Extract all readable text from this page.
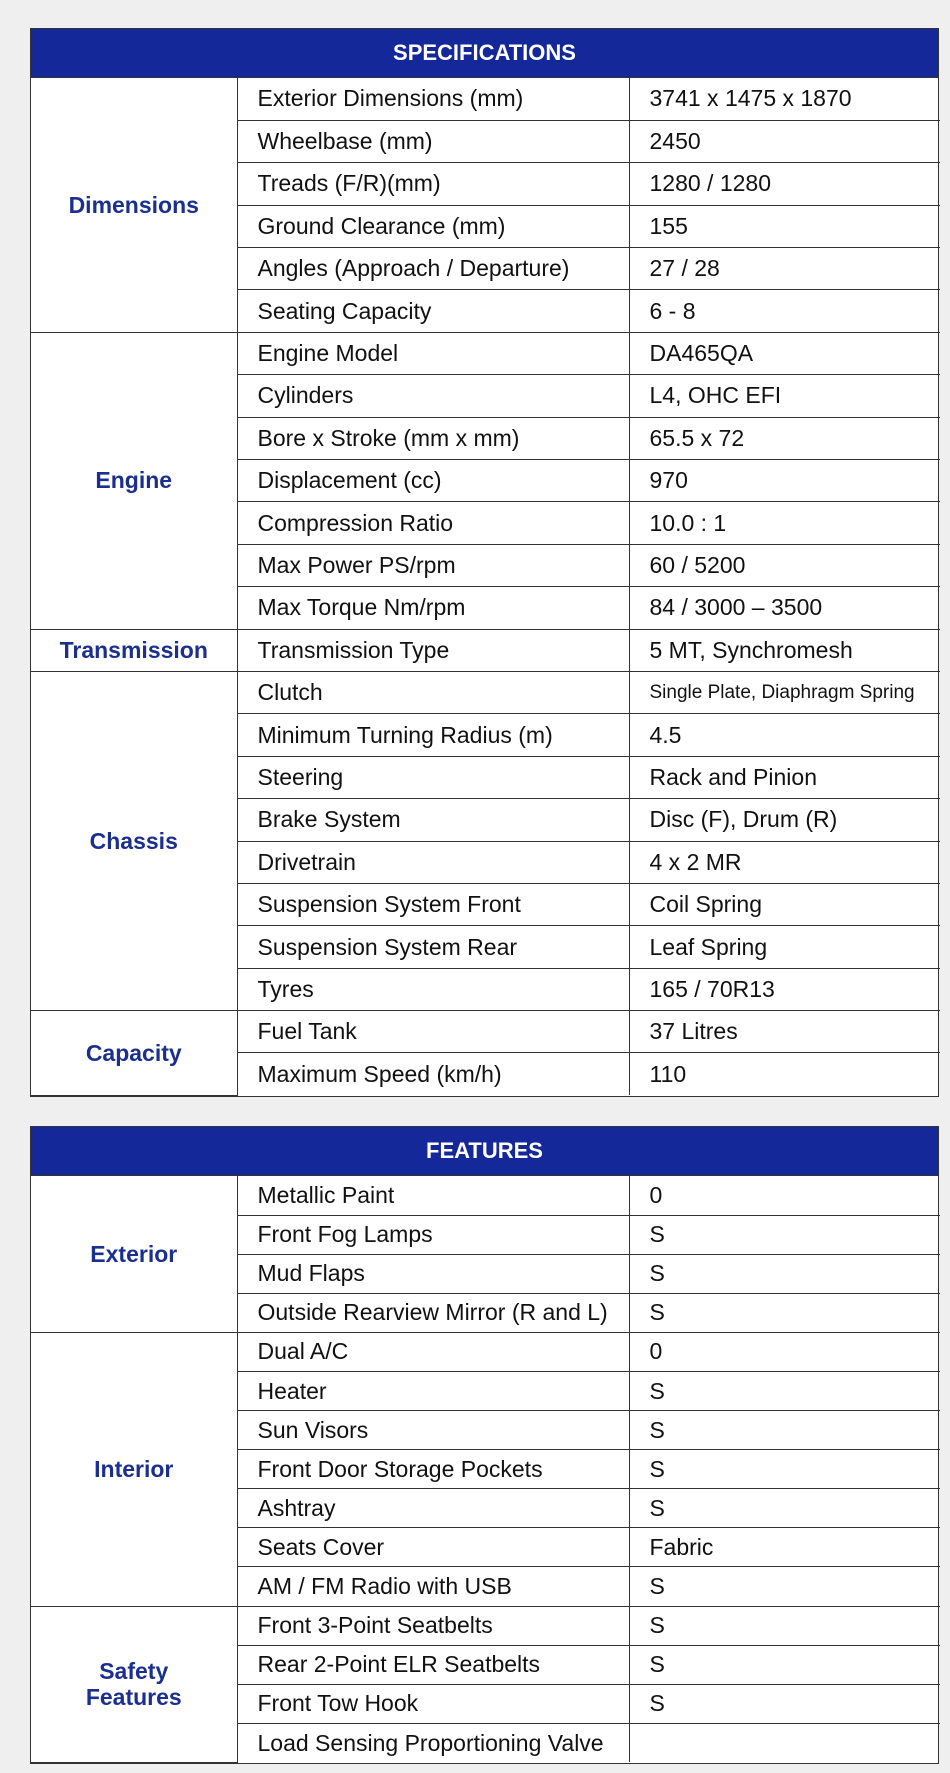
SPECIFICATIONS
Dimensions	Exterior Dimensions (mm)	3741 x 1475 x 1870
	Wheelbase (mm)	2450
	Treads (F/R)(mm)	1280 / 1280
	Ground Clearance (mm)	155
	Angles (Approach / Departure)	27 / 28
	Seating Capacity	6 - 8
Engine	Engine Model	DA465QA
	Cylinders	L4, OHC EFI
	Bore x Stroke (mm x mm)	65.5 x 72
	Displacement (cc)	970
	Compression Ratio	10.0 : 1
	Max Power PS/rpm	60 / 5200
	Max Torque Nm/rpm	84 / 3000 – 3500
Transmission	Transmission Type	5 MT, Synchromesh
Chassis	Clutch	Single Plate, Diaphragm Spring
	Minimum Turning Radius (m)	4.5
	Steering	Rack and Pinion
	Brake System	Disc (F), Drum (R)
	Drivetrain	4 x 2 MR
	Suspension System Front	Coil Spring
	Suspension System Rear	Leaf Spring
	Tyres	165 / 70R13
Capacity	Fuel Tank	37 Litres
	Maximum Speed (km/h)	110
FEATURES
Exterior	Metallic Paint	0
	Front Fog Lamps	S
	Mud Flaps	S
	Outside Rearview Mirror (R and L)	S
Interior	Dual A/C	0
	Heater	S
	Sun Visors	S
	Front Door Storage Pockets	S
	Ashtray	S
	Seats Cover	Fabric
	AM / FM Radio with USB	S
Safety
Features	Front 3-Point Seatbelts	S
	Rear 2-Point ELR Seatbelts	S
	Front Tow Hook	S
	Load Sensing Proportioning Valve	
